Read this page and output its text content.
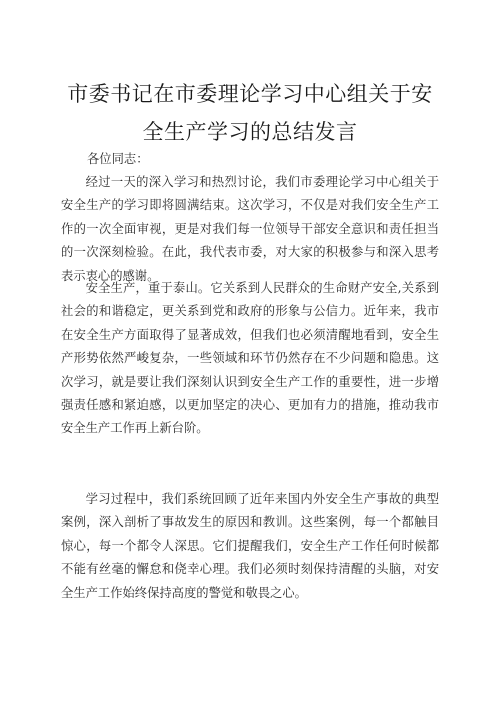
市委书记在市委理论学习中心组关于安
全生产学习的总结发言

各位同志：

经过一天的深入学习和热烈讨论，我们市委理论学习中心组关于安全生产的学习即将圆满结束。这次学习，不仅是对我们安全生产工作的一次全面审视，更是对我们每一位领导干部安全意识和责任担当的一次深刻检验。在此，我代表市委，对大家的积极参与和深入思考表示衷心的感谢。

安全生产，重于泰山。它关系到人民群众的生命财产安全,关系到社会的和谐稳定，更关系到党和政府的形象与公信力。近年来，我市在安全生产方面取得了显著成效，但我们也必须清醒地看到，安全生产形势依然严峻复杂，一些领域和环节仍然存在不少问题和隐患。这次学习，就是要让我们深刻认识到安全生产工作的重要性，进一步增强责任感和紧迫感，以更加坚定的决心、更加有力的措施，推动我市安全生产工作再上新台阶。

学习过程中，我们系统回顾了近年来国内外安全生产事故的典型案例，深入剖析了事故发生的原因和教训。这些案例，每一个都触目惊心，每一个都令人深思。它们提醒我们，安全生产工作任何时候都不能有丝毫的懈怠和侥幸心理。我们必须时刻保持清醒的头脑，对安全生产工作始终保持高度的警觉和敬畏之心。
